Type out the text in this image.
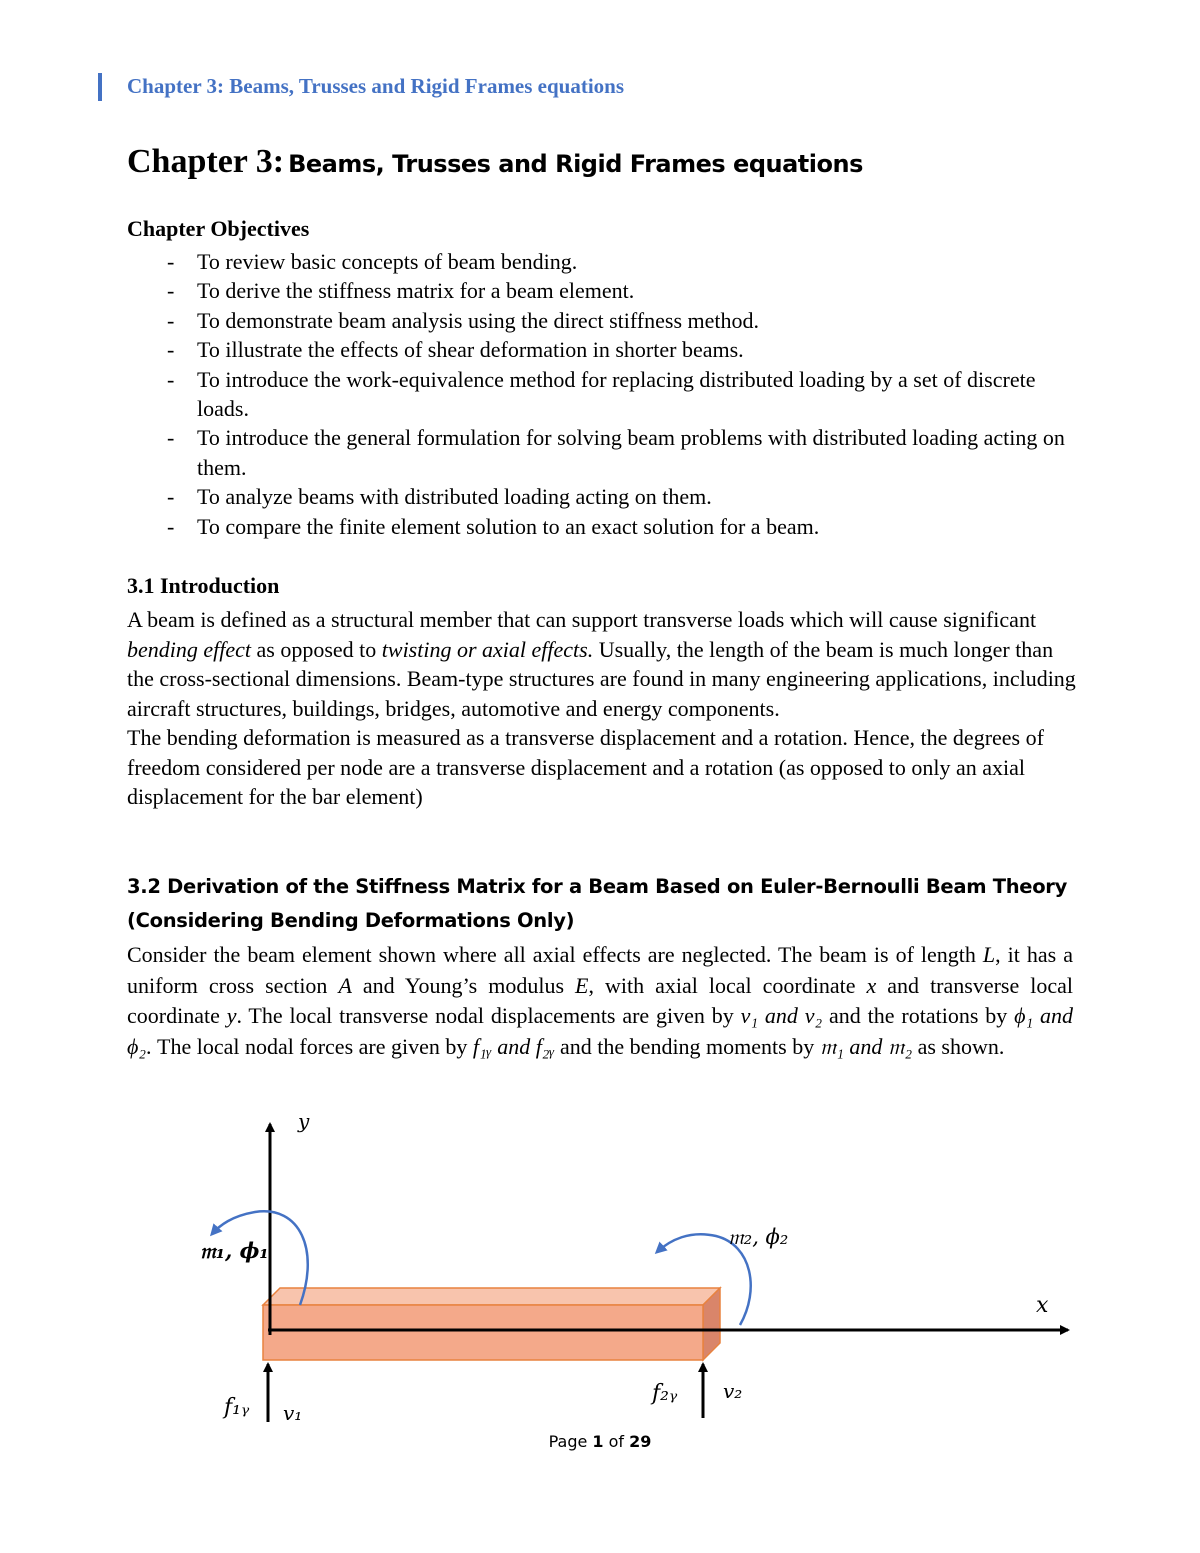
Chapter 3: Beams, Trusses and Rigid Frames equations
Chapter 3: Beams, Trusses and Rigid Frames equations
Chapter Objectives
- To review basic concepts of beam bending.
- To derive the stiffness matrix for a beam element.
- To demonstrate beam analysis using the direct stiffness method.
- To illustrate the effects of shear deformation in shorter beams.
- To introduce the work-equivalence method for replacing distributed loading by a set of discrete loads.
- To introduce the general formulation for solving beam problems with distributed loading acting on them.
- To analyze beams with distributed loading acting on them.
- To compare the finite element solution to an exact solution for a beam.
3.1 Introduction
A beam is defined as a structural member that can support transverse loads which will cause significant bending effect as opposed to twisting or axial effects. Usually, the length of the beam is much longer than the cross-sectional dimensions. Beam-type structures are found in many engineering applications, including aircraft structures, buildings, bridges, automotive and energy components.
The bending deformation is measured as a transverse displacement and a rotation. Hence, the degrees of freedom considered per node are a transverse displacement and a rotation (as opposed to only an axial displacement for the bar element)
3.2 Derivation of the Stiffness Matrix for a Beam Based on Euler-Bernoulli Beam Theory
(Considering Bending Deformations Only)
Consider the beam element shown where all axial effects are neglected. The beam is of length L, it has a uniform cross section A and Young’s modulus E, with axial local coordinate x and transverse local coordinate y. The local transverse nodal displacements are given by v₁ and v₂ and the rotations by ϕ₁ and ϕ₂. The local nodal forces are given by f₁ᵧ and f₂ᵧ and the bending moments by 𝔪₁ and 𝔪₂ as shown.
y
x
𝔪₁, ϕ₁
𝔪₂, ϕ₂
f₁ᵧ v₁
f₂ᵧ v₂
Page 1 of 29
